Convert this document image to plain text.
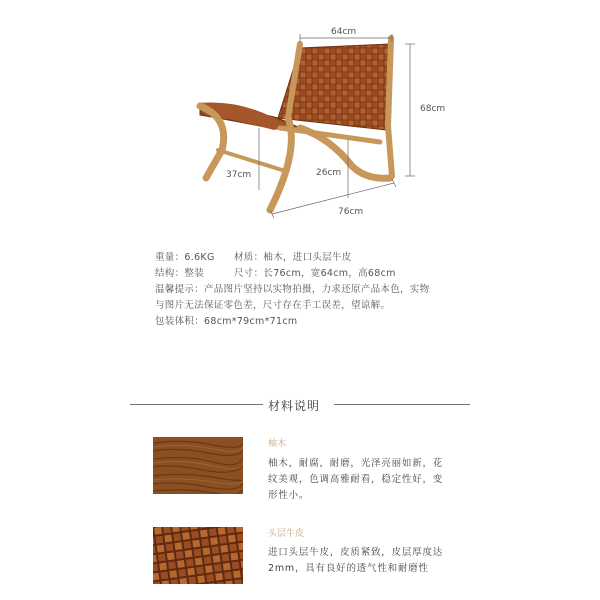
64cm
68cm
37cm	26cm
76cm
重量：6.6KG 材质：柚木，进口头层牛皮
结构：整装	尺寸：长76cm，宽64cm，高68cm
温馨提示：产品图片坚持以实物拍摄，力求还原产品本色，实物
与图片无法保证零色差，尺寸存在手工误差，望谅解。
包装体积：68cm*79cm*71cm
材料说明
柚木
柚木，耐腐，耐磨，光泽亮丽如新，花
纹美观，色调高雅耐看，稳定性好，变
形性小。
头层牛皮
进口头层牛皮，皮质紧致，皮层厚度达
2mm，具有良好的透气性和耐磨性
